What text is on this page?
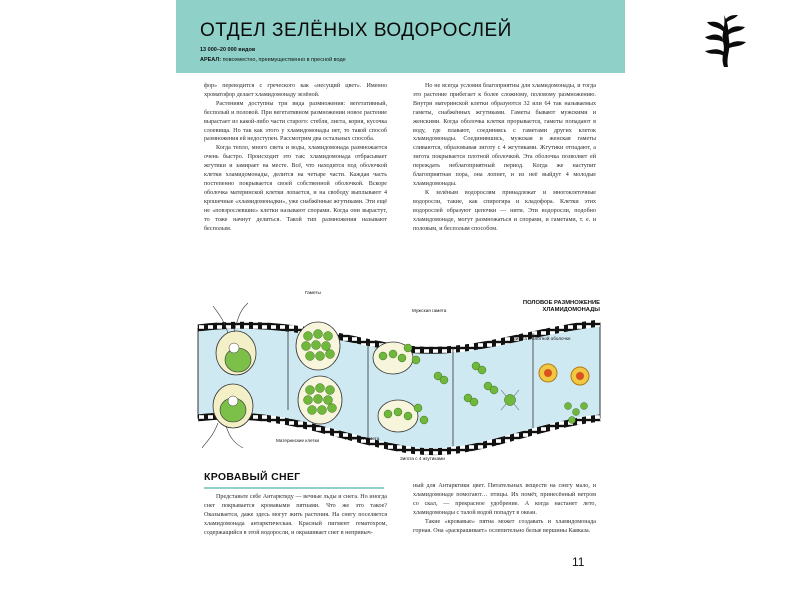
ОТДЕЛ ЗЕЛЁНЫХ ВОДОРОСЛЕЙ
13 000–20 000 видов
АРЕАЛ: повсеместно, преимущественно в пресной воде

фор» переводится с греческого как «несущий цвет». Именно хроматофор делает хламидомонаду зелёной.

Растениям доступны три вида размножения: вегетативный, бесполый и половой. При вегетативном размножении новое растение вырастает из какой-либо части старого: стебля, листа, корня, кусочка слоевища. Но так как этого у хламидомонады нет, то такой способ размножения ей недоступен. Рассмотрим два остальных способа.

Когда тепло, много света и воды, хламидомонада размножается очень быстро. Происходит это так: хламидомонада отбрасывает жгутики и замирает на месте. Всё, что находится под оболочкой клетки хламидомонады, делится на четыре части. Каждая часть постепенно покрывается своей собственной оболочкой. Вскоре оболочка материнской клетки лопается, и на свободу выплывают 4 крошечные «хламидомонадки», уже снабжённые жгутиками. Эти ещё не «повзрослевшие» клетки называют спорами. Когда они вырастут, то тоже начнут делиться. Такой тип размножения называют бесполым.

Но не всегда условия благоприятны для хламидомонады, и тогда это растение прибегает к более сложному, половому размножению. Внутри материнской клетки образуются 32 или 64 так называемых гаметы, снабжённых жгутиками. Гаметы бывают мужскими и женскими. Когда оболочка клетки прорывается, гаметы попадают в воду, где плавают, соединяясь с гаметами других клеток хламидомонады. Соединившись, мужская и женская гаметы сливаются, образовывая зиготу с 4 жгутиками. Жгутики отпадают, а зигота покрывается плотной оболочкой. Эта оболочка позволяет ей переждать неблагоприятный период. Когда же наступит благоприятная пора, она лопнет, и из неё выйдут 4 молодые хламидомонады.

К зелёным водорослям принадлежат и многоклеточные водоросли, такие, как спирогира и кладофора. Клетки этих водорослей образуют цепочки — нити. Эти водоросли, подобно хламидомонаде, могут размножаться и спорами, и гаметами, т. е. и половым, и бесполым способом.

ПОЛОВОЕ РАЗМНОЖЕНИЕ ХЛАМИДОМОНАДЫ
Гаметы
Мужская гамета
Зигота в плотной оболочке
Материнские клетки	Женская гамета
Зигота с 4 жгутиками
КРОВАВЫЙ СНЕГ

Представьте себе Антарктиду — вечные льды и снега. Но иногда снег покрывается кровавыми пятнами. Что же это такое? Оказывается, даже здесь могут жить растения. На снегу поселяется хламидомонада антарктическая. Красный пигмент гематохром, содержащийся в этой водоросли, и окрашивает снег в непривыч-

ный для Антарктики цвет. Питательных веществ на снегу мало, и хламидомонаде помогают… птицы. Их помёт, принесённый ветром со скал, — прекрасное удобрение. А когда настанет лето, хламидомонады с талой водой попадут в океан.

Такие «кровавые» пятна может создавать и хламидомонада горная. Она «раскрашивает» ослепительно белые вершины Кавказа.

11
